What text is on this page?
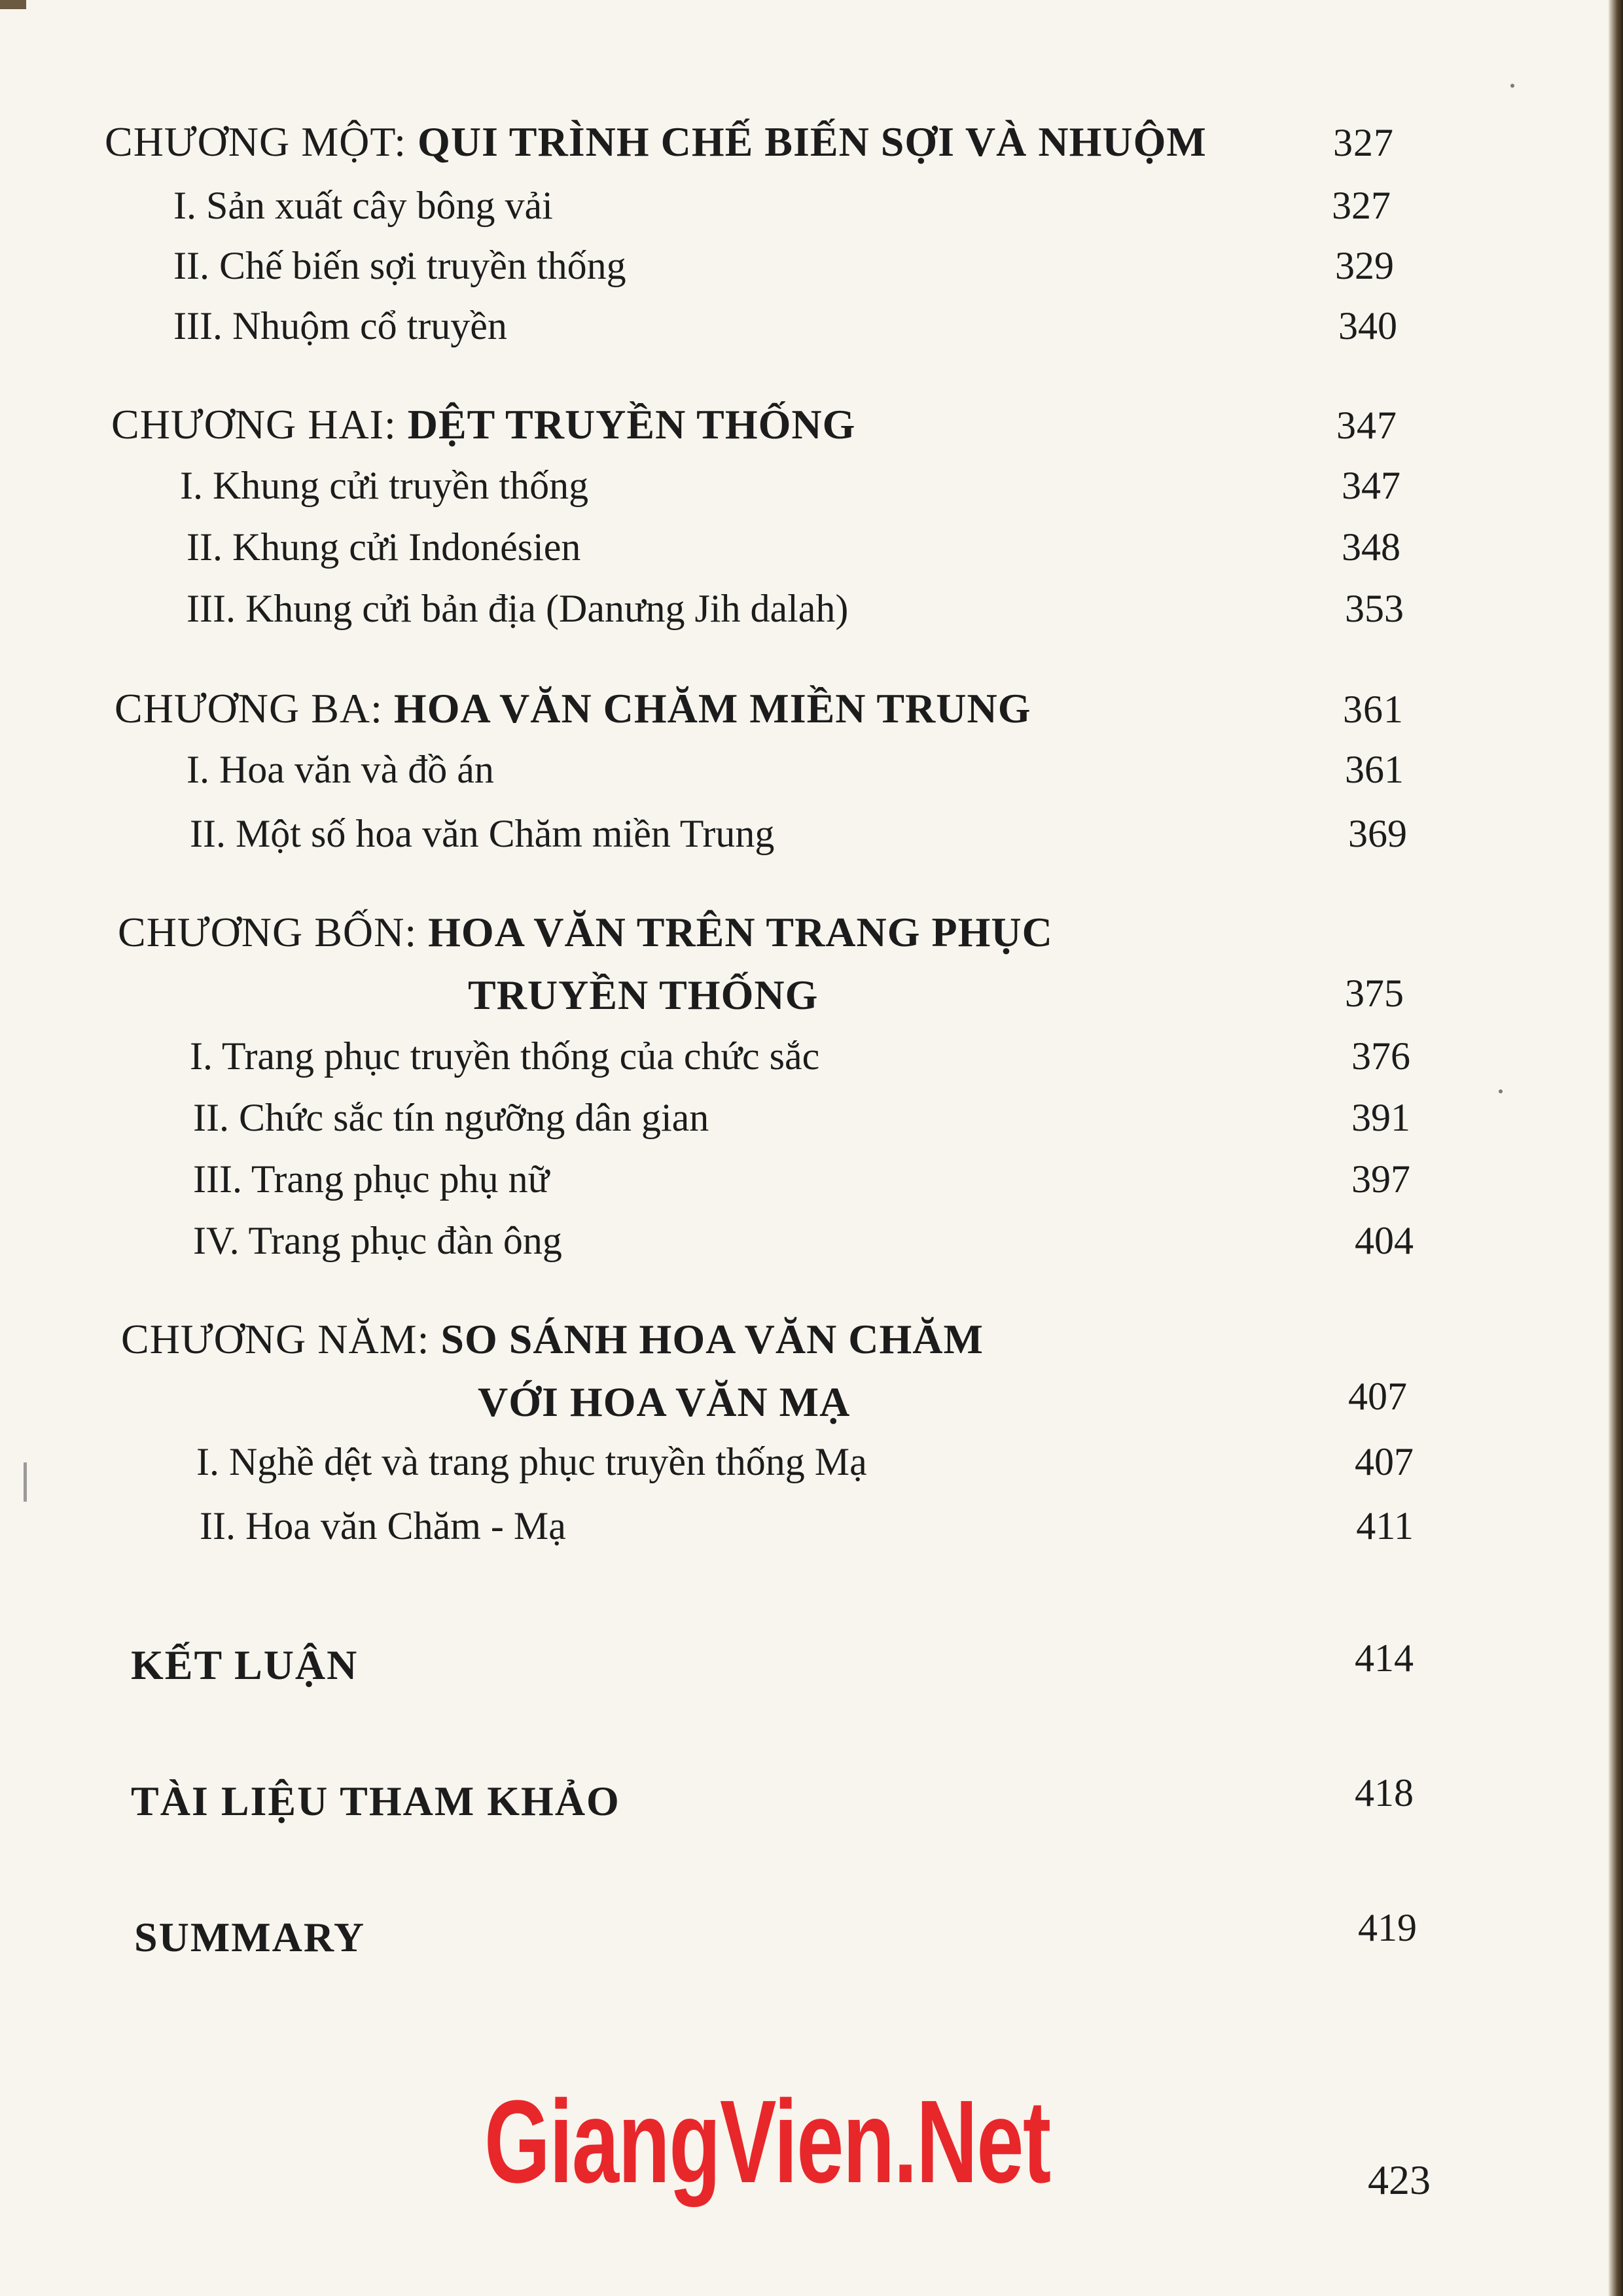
CHƯƠNG MỘT: QUI TRÌNH CHẾ BIẾN SỢI VÀ NHUỘM	327
I. Sản xuất cây bông vải	327
II. Chế biến sợi truyền thống	329
III. Nhuộm cổ truyền	340
CHƯƠNG HAI: DỆT TRUYỀN THỐNG	347
I. Khung cửi truyền thống	347
II. Khung cửi Indonésien	348
III. Khung cửi bản địa (Danưng Jih dalah)	353
CHƯƠNG BA: HOA VĂN CHĂM MIỀN TRUNG	361
I. Hoa văn và đồ án	361
II. Một số hoa văn Chăm miền Trung	369
CHƯƠNG BỐN: HOA VĂN TRÊN TRANG PHỤC
TRUYỀN THỐNG	375
I. Trang phục truyền thống của chức sắc	376
II. Chức sắc tín ngưỡng dân gian	391
III. Trang phục phụ nữ	397
IV. Trang phục đàn ông	404
CHƯƠNG NĂM: SO SÁNH HOA VĂN CHĂM
VỚI HOA VĂN MẠ	407
I. Nghề dệt và trang phục truyền thống Mạ	407
II. Hoa văn Chăm - Mạ	411
KẾT LUẬN	414
TÀI LIỆU THAM KHẢO	418
SUMMARY	419
GiangVien.Net	423
